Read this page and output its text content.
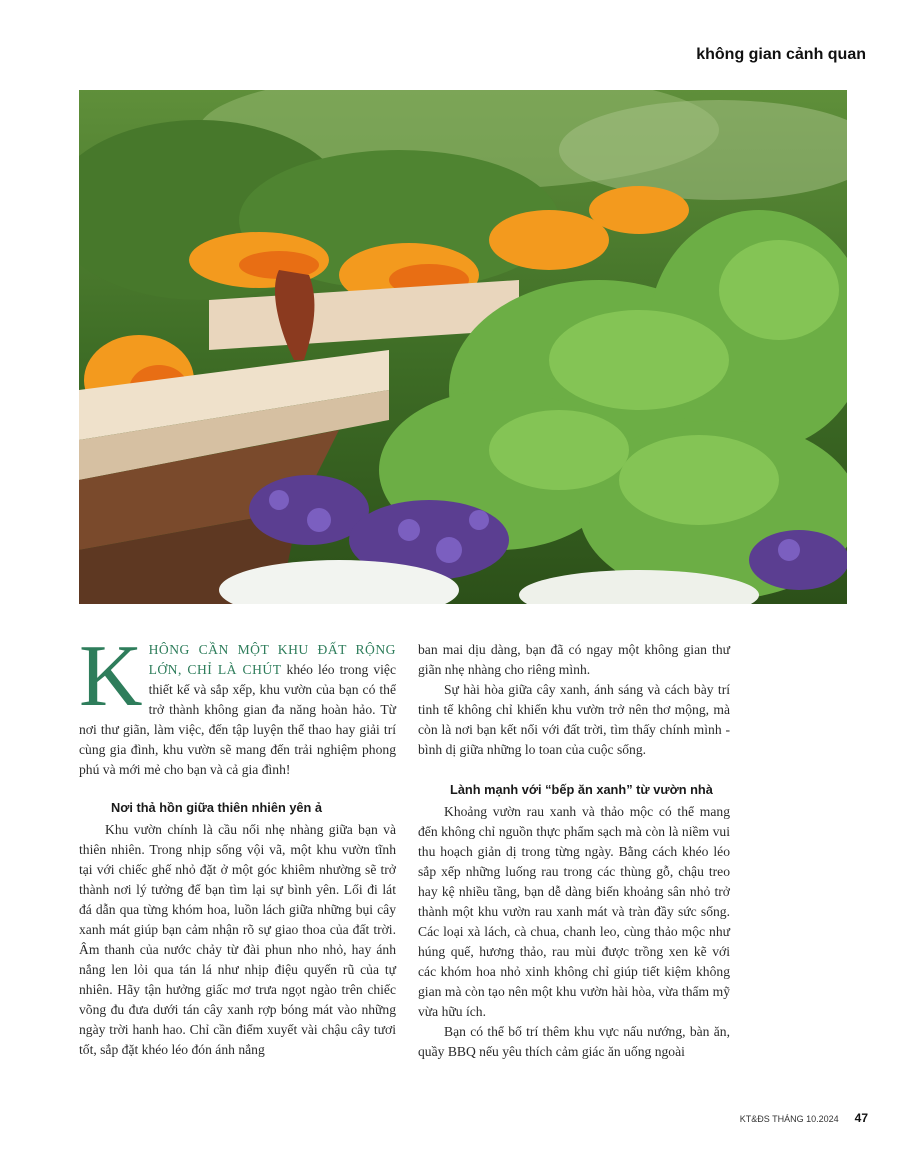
không gian cảnh quan

K HÔNG CẦN MỘT KHU ĐẤT RỘNG LỚN, CHỈ LÀ CHÚT khéo léo trong việc thiết kế và sắp xếp, khu vườn của bạn có thể trở thành không gian đa năng hoàn hảo. Từ nơi thư giãn, làm việc, đến tập luyện thể thao hay giải trí cùng gia đình, khu vườn sẽ mang đến trải nghiệm phong phú và mới mẻ cho bạn và cả gia đình!

Nơi thả hồn giữa thiên nhiên yên ả

Khu vườn chính là cầu nối nhẹ nhàng giữa bạn và thiên nhiên. Trong nhịp sống vội vã, một khu vườn tĩnh tại với chiếc ghế nhỏ đặt ở một góc khiêm nhường sẽ trở thành nơi lý tưởng để bạn tìm lại sự bình yên. Lối đi lát đá dẫn qua từng khóm hoa, luồn lách giữa những bụi cây xanh mát giúp bạn cảm nhận rõ sự giao thoa của đất trời. Âm thanh của nước chảy từ đài phun nho nhỏ, hay ánh nắng len lỏi qua tán lá như nhịp điệu quyến rũ của tự nhiên. Hãy tận hưởng giấc mơ trưa ngọt ngào trên chiếc võng đu đưa dưới tán cây xanh rợp bóng mát vào những ngày trời hanh hao. Chỉ cần điểm xuyết vài chậu cây tươi tốt, sắp đặt khéo léo đón ánh nắng

ban mai dịu dàng, bạn đã có ngay một không gian thư giãn nhẹ nhàng cho riêng mình.

Sự hài hòa giữa cây xanh, ánh sáng và cách bày trí tinh tế không chỉ khiến khu vườn trở nên thơ mộng, mà còn là nơi bạn kết nối với đất trời, tìm thấy chính mình - bình dị giữa những lo toan của cuộc sống.

Lành mạnh với “bếp ăn xanh” từ vườn nhà

Khoảng vườn rau xanh và thảo mộc có thể mang đến không chỉ nguồn thực phẩm sạch mà còn là niềm vui thu hoạch giản dị trong từng ngày. Bằng cách khéo léo sắp xếp những luống rau trong các thùng gỗ, chậu treo hay kệ nhiều tầng, bạn dễ dàng biến khoảng sân nhỏ trở thành một khu vườn rau xanh mát và tràn đầy sức sống. Các loại xà lách, cà chua, chanh leo, cùng thảo mộc như húng quế, hương thảo, rau mùi được trồng xen kẽ với các khóm hoa nhỏ xinh không chỉ giúp tiết kiệm không gian mà còn tạo nên một khu vườn hài hòa, vừa thẩm mỹ vừa hữu ích.

Bạn có thể bố trí thêm khu vực nấu nướng, bàn ăn, quầy BBQ nếu yêu thích cảm giác ăn uống ngoài

KT&ĐS THÁNG 10.2024 47
